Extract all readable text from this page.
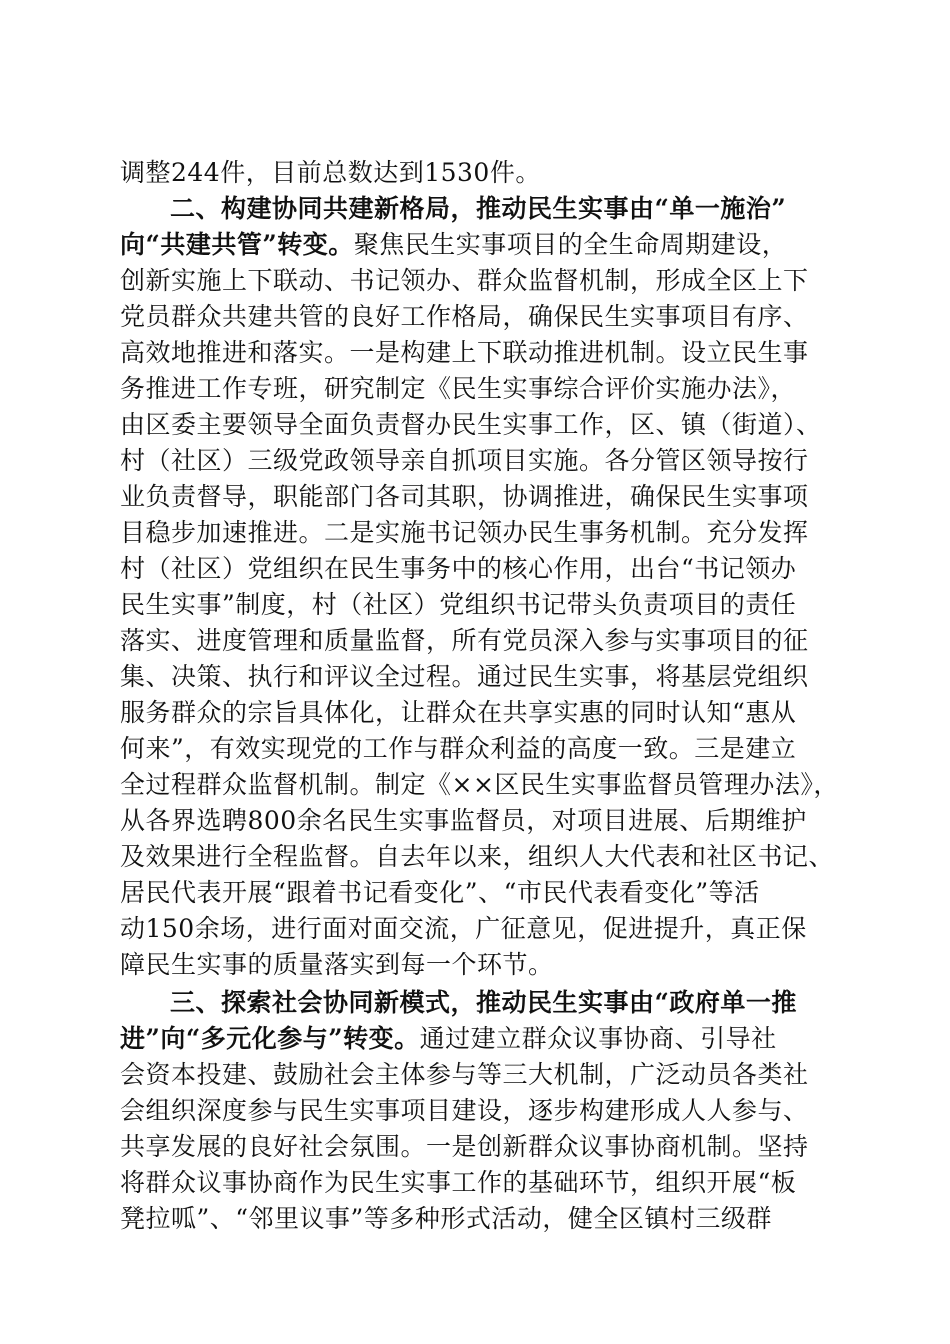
调整244件，目前总数达到1530件。
二、构建协同共建新格局，推动民生实事由“单一施治”
向“共建共管”转变。聚焦民生实事项目的全生命周期建设，
创新实施上下联动、书记领办、群众监督机制，形成全区上下
党员群众共建共管的良好工作格局，确保民生实事项目有序、
高效地推进和落实。一是构建上下联动推进机制。设立民生事
务推进工作专班，研究制定《民生实事综合评价实施办法》，
由区委主要领导全面负责督办民生实事工作，区、镇（街道）、
村（社区）三级党政领导亲自抓项目实施。各分管区领导按行
业负责督导，职能部门各司其职，协调推进，确保民生实事项
目稳步加速推进。二是实施书记领办民生事务机制。充分发挥
村（社区）党组织在民生事务中的核心作用，出台“书记领办
民生实事”制度，村（社区）党组织书记带头负责项目的责任
落实、进度管理和质量监督，所有党员深入参与实事项目的征
集、决策、执行和评议全过程。通过民生实事，将基层党组织
服务群众的宗旨具体化，让群众在共享实惠的同时认知“惠从
何来”，有效实现党的工作与群众利益的高度一致。三是建立
全过程群众监督机制。制定《××区民生实事监督员管理办法》，
从各界选聘800余名民生实事监督员，对项目进展、后期维护
及效果进行全程监督。自去年以来，组织人大代表和社区书记、
居民代表开展“跟着书记看变化”、“市民代表看变化”等活
动150余场，进行面对面交流，广征意见，促进提升，真正保
障民生实事的质量落实到每一个环节。
三、探索社会协同新模式，推动民生实事由“政府单一推
进”向“多元化参与”转变。通过建立群众议事协商、引导社
会资本投建、鼓励社会主体参与等三大机制，广泛动员各类社
会组织深度参与民生实事项目建设，逐步构建形成人人参与、
共享发展的良好社会氛围。一是创新群众议事协商机制。坚持
将群众议事协商作为民生实事工作的基础环节，组织开展“板
凳拉呱”、“邻里议事”等多种形式活动，健全区镇村三级群
